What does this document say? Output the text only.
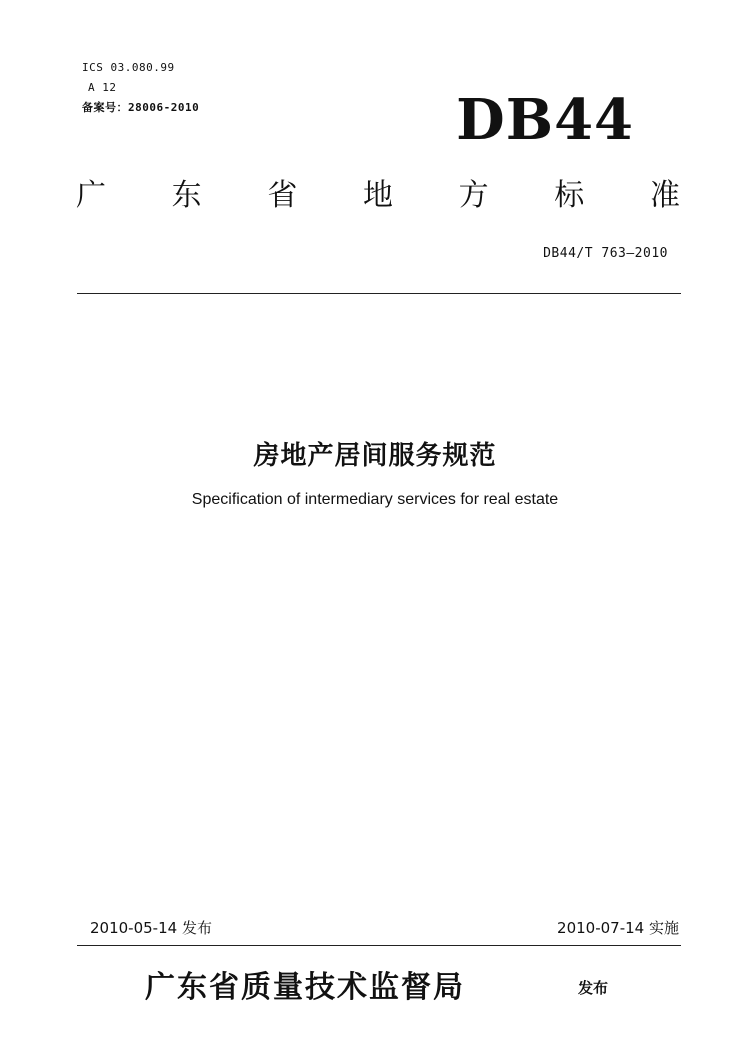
ICS 03.080.99
A 12
备案号：28006-2010	DB44
广 东 省 地 方 标 准
DB44/T 763—2010
房地产居间服务规范
Specification of intermediary services for real estate
2010-05-14 发布	2010-07-14 实施
广东省质量技术监督局	发布
